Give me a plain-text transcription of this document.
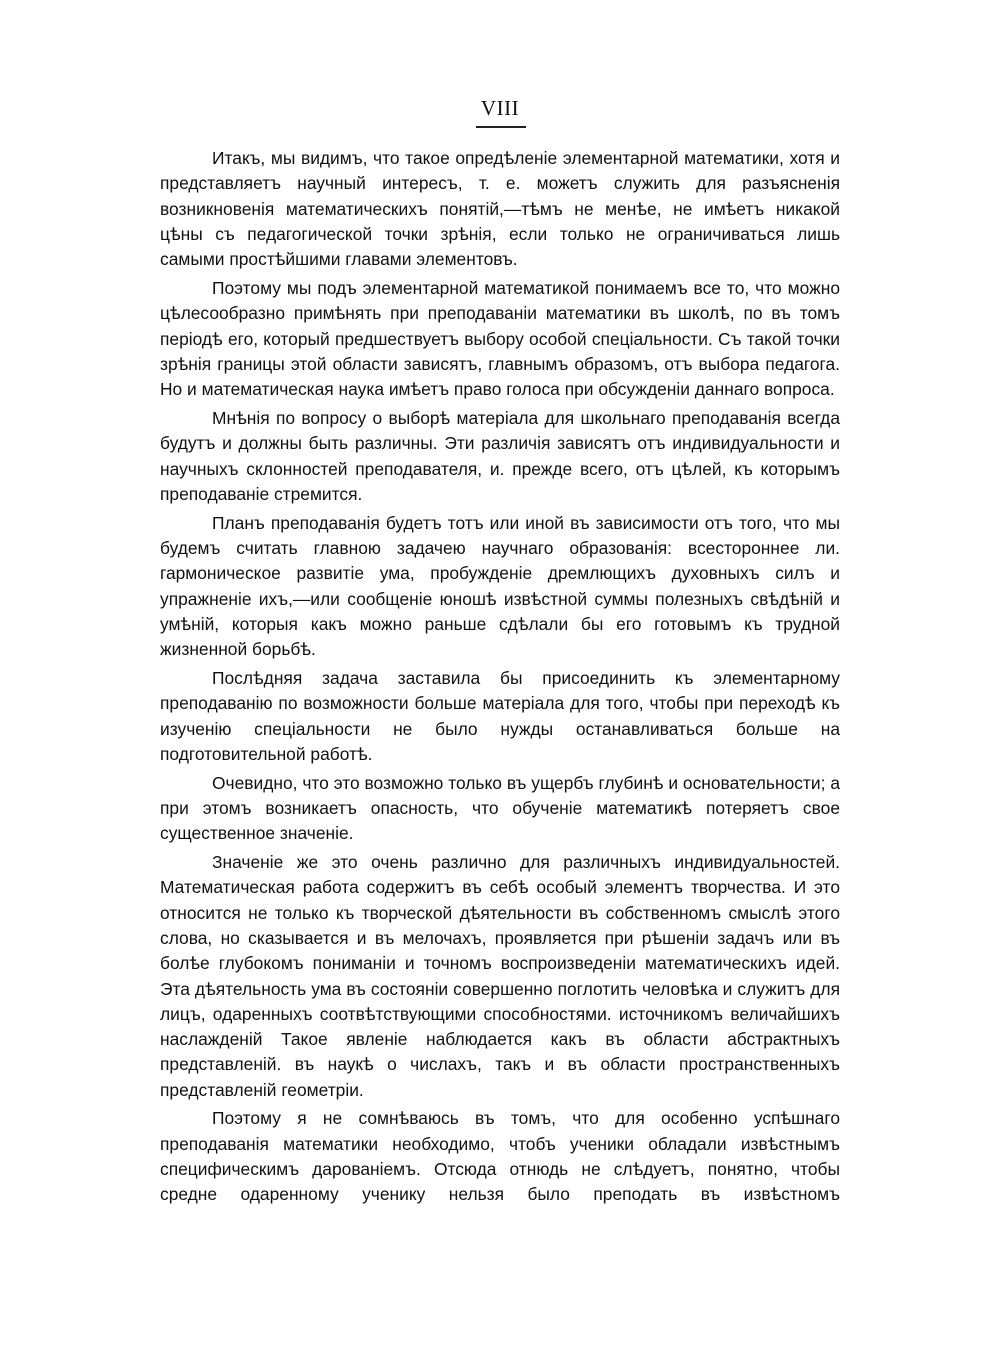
VIII

Итакъ, мы видимъ, что такое опредѣленіе элементарной математики, хотя и представляетъ научный интересъ, т. е. можетъ служить для разъясненія возникновенія математическихъ понятій,—тѣмъ не менѣе, не имѣетъ никакой цѣны съ педагогической точки зрѣнія, если только не ограничиваться лишь самыми простѣйшими главами элементовъ.

Поэтому мы подъ элементарной математикой понимаемъ все то, что можно цѣлесообразно примѣнять при преподаваніи математики въ школѣ, по въ томъ періодѣ его, который предшествуетъ выбору особой спеціальности. Съ такой точки зрѣнія границы этой области зависятъ, главнымъ образомъ, отъ выбора педагога. Но и математическая наука имѣетъ право голоса при обсужденіи даннаго вопроса.

Мнѣнія по вопросу о выборѣ матеріала для школьнаго преподаванія всегда будутъ и должны быть различны. Эти различія зависятъ отъ индивидуальности и научныхъ склонностей преподавателя, и. прежде всего, отъ цѣлей, къ которымъ преподаваніе стремится.

Планъ преподаванія будетъ тотъ или иной въ зависимости отъ того, что мы будемъ считать главною задачею научнаго образованія: всестороннее ли. гармоническое развитіе ума, пробужденіе дремлющихъ духовныхъ силъ и упражненіе ихъ,—или сообщеніе юношѣ извѣстной суммы полезныхъ свѣдѣній и умѣній, которыя какъ можно раньше сдѣлали бы его готовымъ къ трудной жизненной борьбѣ.

Послѣдняя задача заставила бы присоединить къ элементарному преподаванію по возможности больше матеріала для того, чтобы при переходѣ къ изученію спеціальности не было нужды останавливаться больше на подготовительной работѣ.

Очевидно, что это возможно только въ ущербъ глубинѣ и основательности; а при этомъ возникаетъ опасность, что обученіе математикѣ потеряетъ свое существенное значеніе.

Значеніе же это очень различно для различныхъ индивидуальностей. Математическая работа содержитъ въ себѣ особый элементъ творчества. И это относится не только къ творческой дѣятельности въ собственномъ смыслѣ этого слова, но сказывается и въ мелочахъ, проявляется при рѣшеніи задачъ или въ болѣе глубокомъ пониманіи и точномъ воспроизведеніи математическихъ идей. Эта дѣятельность ума въ состояніи совершенно поглотить человѣка и служитъ для лицъ, одаренныхъ соотвѣтствующими способностями. источникомъ величайшихъ наслажденій Такое явленіе наблюдается какъ въ области абстрактныхъ представленій. въ наукѣ о числахъ, такъ и въ области пространственныхъ представленій геометріи.

Поэтому я не сомнѣваюсь въ томъ, что для особенно успѣшнаго преподаванія математики необходимо, чтобъ ученики обладали извѣстнымъ специфическимъ дарованіемъ. Отсюда отнюдь не слѣдуетъ, понятно, чтобы средне одаренному ученику нельзя было преподать въ извѣстномъ
